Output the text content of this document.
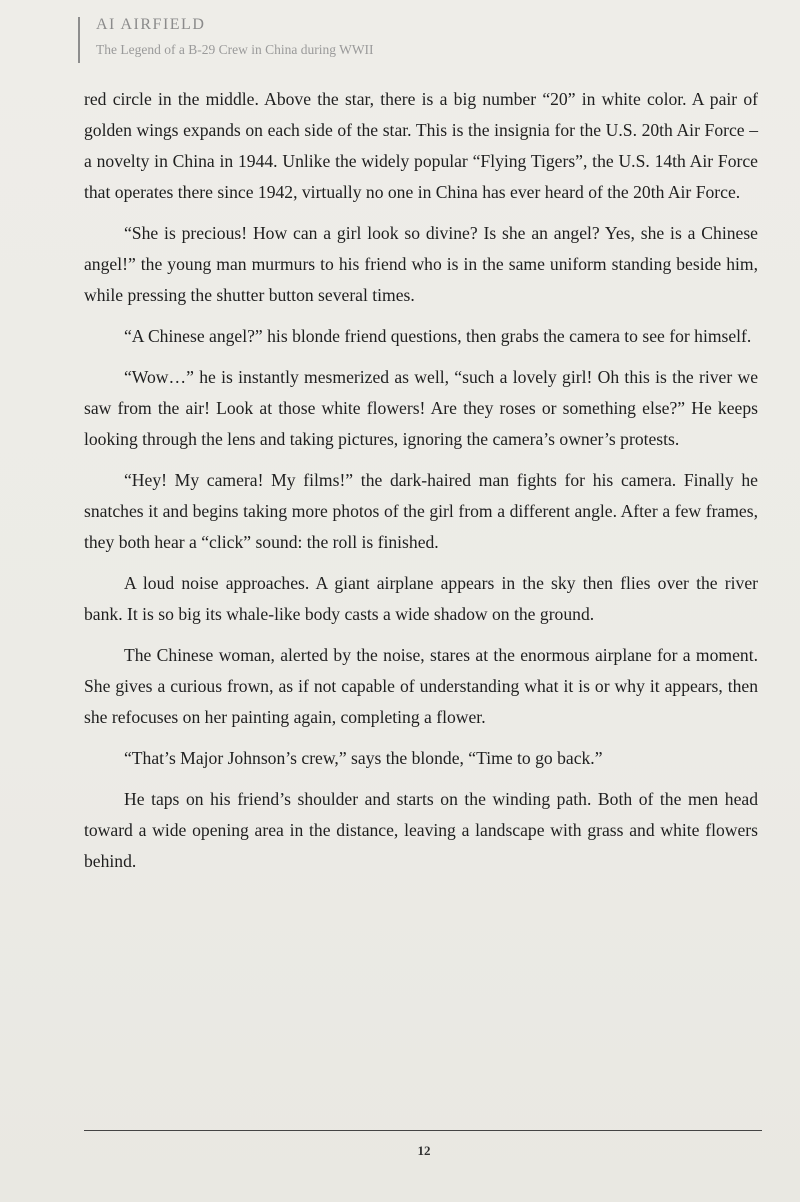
AI AIRFIELD
The Legend of a B-29 Crew in China during WWII

red circle in the middle. Above the star, there is a big number “20” in white color. A pair of golden wings expands on each side of the star. This is the insignia for the U.S. 20th Air Force – a novelty in China in 1944. Unlike the widely popular “Flying Tigers”, the U.S. 14th Air Force that operates there since 1942, virtually no one in China has ever heard of the 20th Air Force.

“She is precious! How can a girl look so divine? Is she an angel? Yes, she is a Chinese angel!” the young man murmurs to his friend who is in the same uniform standing beside him, while pressing the shutter button several times.

“A Chinese angel?” his blonde friend questions, then grabs the camera to see for himself.

“Wow…” he is instantly mesmerized as well, “such a lovely girl! Oh this is the river we saw from the air! Look at those white flowers! Are they roses or something else?” He keeps looking through the lens and taking pictures, ignoring the camera’s owner’s protests.

“Hey! My camera! My films!” the dark-haired man fights for his camera. Finally he snatches it and begins taking more photos of the girl from a different angle. After a few frames, they both hear a “click” sound: the roll is finished.

A loud noise approaches. A giant airplane appears in the sky then flies over the river bank. It is so big its whale-like body casts a wide shadow on the ground.

The Chinese woman, alerted by the noise, stares at the enormous airplane for a moment. She gives a curious frown, as if not capable of understanding what it is or why it appears, then she refocuses on her painting again, completing a flower.

“That’s Major Johnson’s crew,” says the blonde, “Time to go back.”

He taps on his friend’s shoulder and starts on the winding path. Both of the men head toward a wide opening area in the distance, leaving a landscape with grass and white flowers behind.

12
